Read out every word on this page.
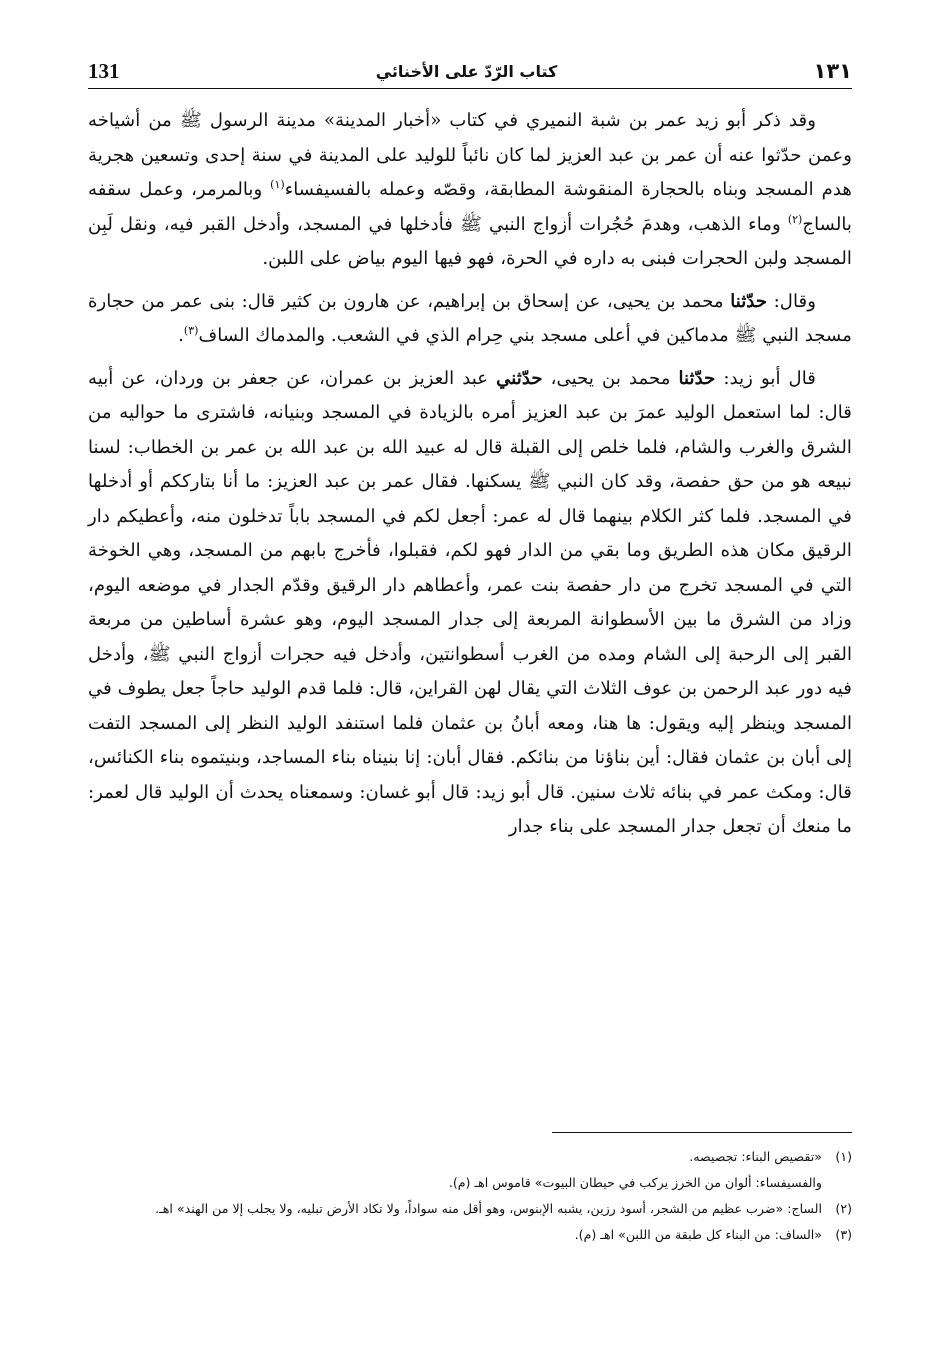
131	كتاب الرّدّ على الأخنائي	١٣١

وقد ذكر أبو زيد عمر بن شبة النميري في كتاب «أخبار المدينة» مدينة الرسول ﷺ من أشياخه وعمن حدّثوا عنه أن عمر بن عبد العزيز لما كان نائباً للوليد على المدينة في سنة إحدى وتسعين هجرية هدم المسجد وبناه بالحجارة المنقوشة المطابقة، وقصّه وعمله بالفسيفساء$^{(١)}$ وبالمرمر، وعمل سقفه بالساج$^{(٢)}$ وماء الذهب، وهدمَ حُجُرات أزواج النبي ﷺ فأدخلها في المسجد، وأدخل القبر فيه، ونقل لَبِن المسجد ولبن الحجرات فبنى به داره في الحرة، فهو فيها اليوم بياض على اللبن.

وقال: حدّثنا محمد بن يحيى، عن إسحاق بن إبراهيم، عن هارون بن كثير قال: بنى عمر من حجارة مسجد النبي ﷺ مدماكين في أعلى مسجد بني حِرام الذي في الشعب. والمدماك الساف$^{(٣)}$.

قال أبو زيد: حدّثنا محمد بن يحيى، حدّثني عبد العزيز بن عمران، عن جعفر بن وردان، عن أبيه قال: لما استعمل الوليد عمرَ بن عبد العزيز أمره بالزيادة في المسجد وبنيانه، فاشترى ما حواليه من الشرق والغرب والشام، فلما خلص إلى القبلة قال له عبيد الله بن عبد الله بن عمر بن الخطاب: لسنا نبيعه هو من حق حفصة، وقد كان النبي ﷺ يسكنها. فقال عمر بن عبد العزيز: ما أنا بتارككم أو أدخلها في المسجد. فلما كثر الكلام بينهما قال له عمر: أجعل لكم في المسجد باباً تدخلون منه، وأعطيكم دار الرقيق مكان هذه الطريق وما بقي من الدار فهو لكم، فقبلوا، فأخرج بابهم من المسجد، وهي الخوخة التي في المسجد تخرج من دار حفصة بنت عمر، وأعطاهم دار الرقيق وقدّم الجدار في موضعه اليوم، وزاد من الشرق ما بين الأسطوانة المربعة إلى جدار المسجد اليوم، وهو عشرة أساطين من مربعة القبر إلى الرحبة إلى الشام ومده من الغرب أسطوانتين، وأدخل فيه حجرات أزواج النبي ﷺ، وأدخل فيه دور عبد الرحمن بن عوف الثلاث التي يقال لهن القراين، قال: فلما قدم الوليد حاجاً جعل يطوف في المسجد وينظر إليه ويقول: ها هنا، ومعه أبانُ بن عثمان فلما استنفد الوليد النظر إلى المسجد التفت إلى أبان بن عثمان فقال: أين بناؤنا من بنائكم. فقال أبان: إنا بنيناه بناء المساجد، وبنيتموه بناء الكنائس، قال: ومكث عمر في بنائه ثلاث سنين. قال أبو زيد: قال أبو غسان: وسمعناه يحدث أن الوليد قال لعمر: ما منعك أن تجعل جدار المسجد على بناء جدار

(١)«تقصيص البناء: تجصيصه.

والفسيفساء: ألوان من الخرز يركب في حيطان البيوت» قاموس اهـ (م).

(٢)الساج: «ضرب عظيم من الشجر، أسود رزين، يشبه الإبنوس، وهو أقل منه سواداً، ولا تكاد الأرض تبليه، ولا يجلب إلا من الهند» اهـ.

(٣)«الساف: من البناء كل طبقة من اللبن» اهـ (م).
